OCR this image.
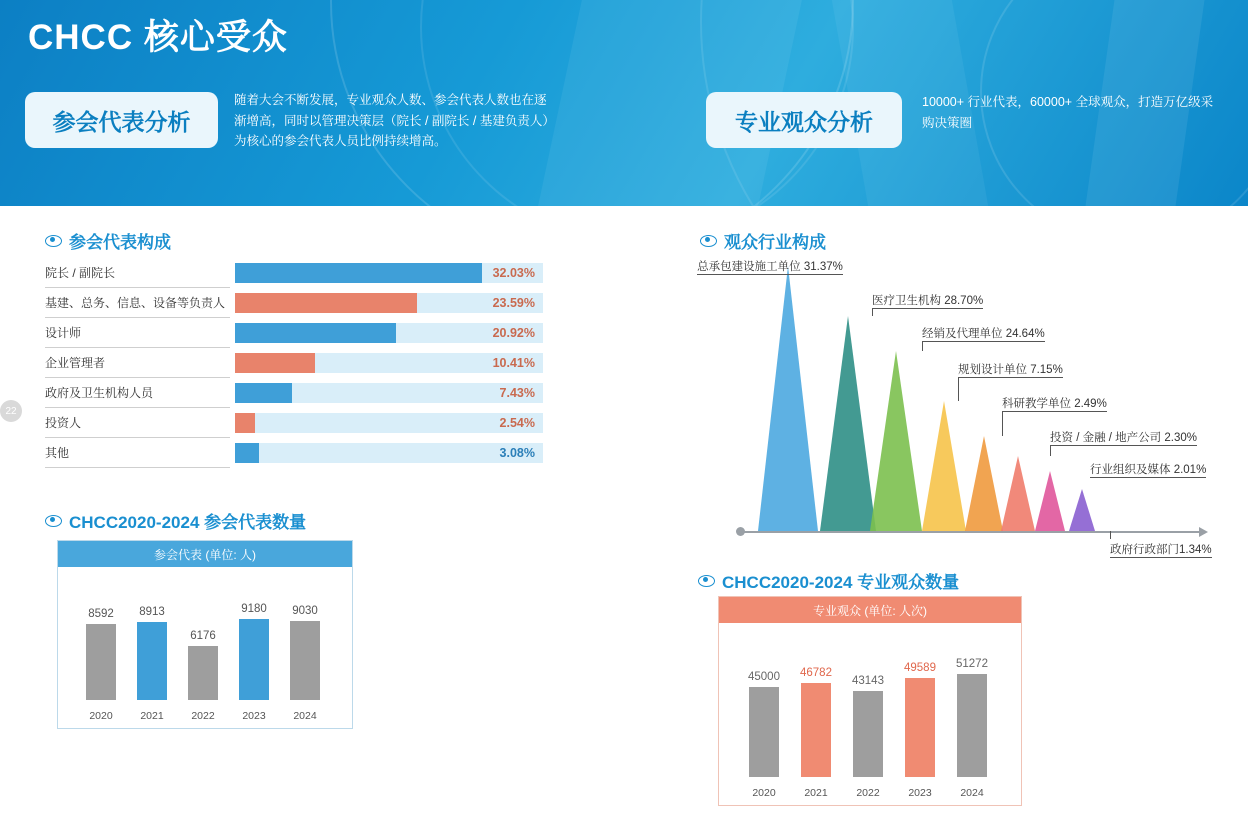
CHCC 核心受众
参会代表分析
随着大会不断发展，专业观众人数、参会代表人数也在逐渐增高，同时以管理决策层（院长 / 副院长 / 基建负责人）为核心的参会代表人员比例持续增高。
专业观众分析
10000+ 行业代表，60000+ 全球观众，打造万亿级采购决策圈
22
参会代表构成
CHCC2020-2024 参会代表数量
观众行业构成
CHCC2020-2024 专业观众数量
院长 / 副院长	32.03%
基建、总务、信息、设备等负责人	23.59%
设计师	20.92%
企业管理者	10.41%
政府及卫生机构人员	7.43%
投资人	2.54%
其他	3.08%
参会代表 (单位: 人)
8592
2020
8913
2021
6176
2022
9180
2023
9030
2024
总承包建设施工单位 31.37%
医疗卫生机构 28.70%
经销及代理单位 24.64%
规划设计单位 7.15%
科研教学单位 2.49%
投资 / 金融 / 地产公司 2.30%
行业组织及媒体 2.01%
政府行政部门1.34%
专业观众 (单位: 人次)
45000
2020
46782
2021
43143
2022
49589
2023
51272
2024
